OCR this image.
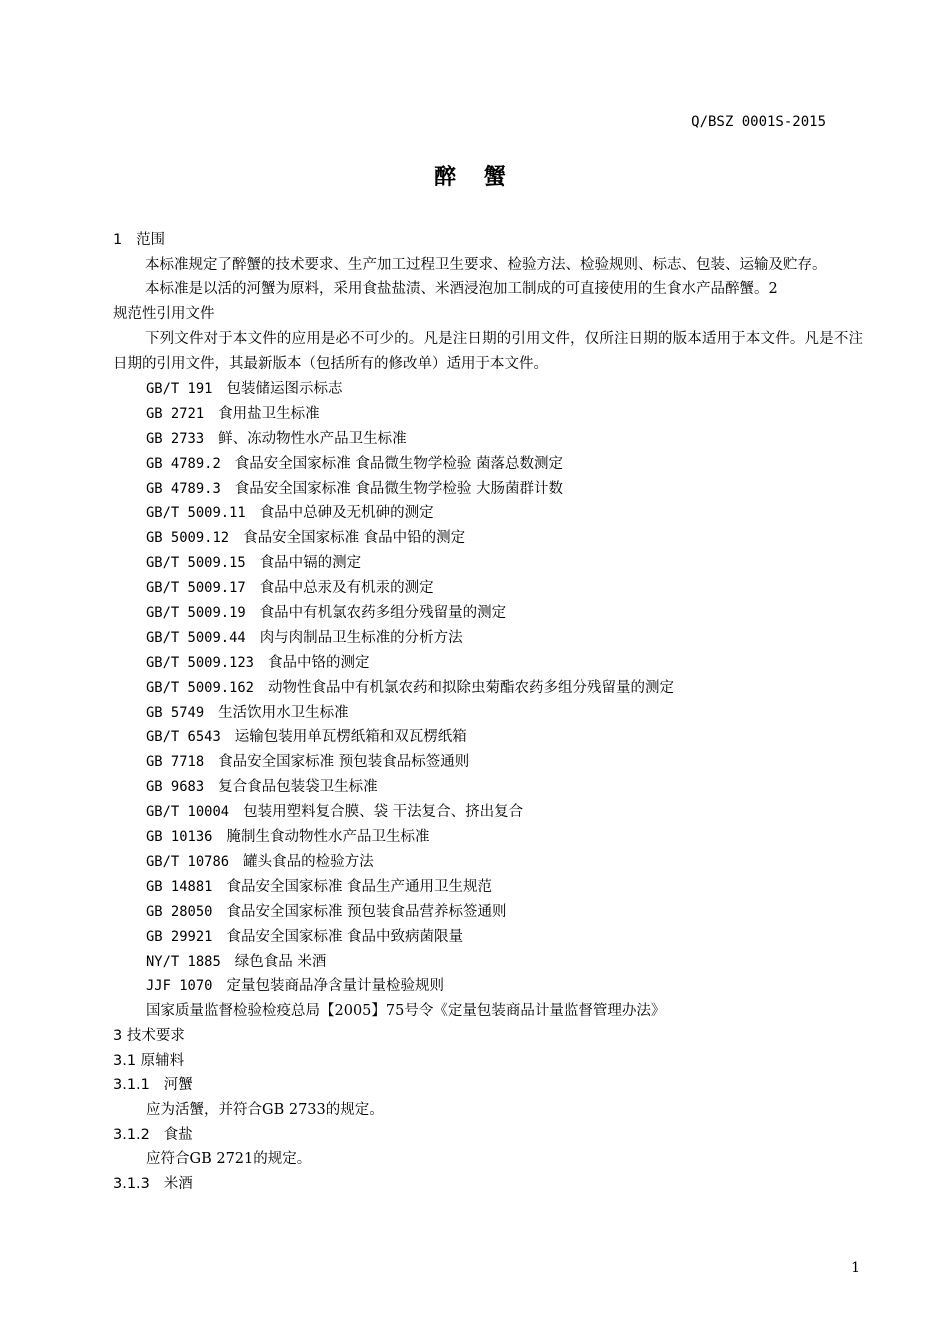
Q/BSZ 0001S-2015
醉 蟹
1 范围
本标准规定了醉蟹的技术要求、生产加工过程卫生要求、检验方法、检验规则、标志、包装、运输及贮存。
本标准是以活的河蟹为原料，采用食盐盐渍、米酒浸泡加工制成的可直接使用的生食水产品醉蟹。2
规范性引用文件
下列文件对于本文件的应用是必不可少的。凡是注日期的引用文件，仅所注日期的版本适用于本文件。凡是不注日期的引用文件，其最新版本（包括所有的修改单）适用于本文件。
GB/T 191 包装储运图示标志
GB 2721 食用盐卫生标准
GB 2733 鲜、冻动物性水产品卫生标准
GB 4789.2 食品安全国家标准 食品微生物学检验 菌落总数测定
GB 4789.3 食品安全国家标准 食品微生物学检验 大肠菌群计数
GB/T 5009.11 食品中总砷及无机砷的测定
GB 5009.12 食品安全国家标准 食品中铅的测定
GB/T 5009.15 食品中镉的测定
GB/T 5009.17 食品中总汞及有机汞的测定
GB/T 5009.19 食品中有机氯农药多组分残留量的测定
GB/T 5009.44 肉与肉制品卫生标准的分析方法
GB/T 5009.123 食品中铬的测定
GB/T 5009.162 动物性食品中有机氯农药和拟除虫菊酯农药多组分残留量的测定
GB 5749 生活饮用水卫生标准
GB/T 6543 运输包装用单瓦楞纸箱和双瓦楞纸箱
GB 7718 食品安全国家标准 预包装食品标签通则
GB 9683 复合食品包装袋卫生标准
GB/T 10004 包装用塑料复合膜、袋 干法复合、挤出复合
GB 10136 腌制生食动物性水产品卫生标准
GB/T 10786 罐头食品的检验方法
GB 14881 食品安全国家标准 食品生产通用卫生规范
GB 28050 食品安全国家标准 预包装食品营养标签通则
GB 29921 食品安全国家标准 食品中致病菌限量
NY/T 1885 绿色食品 米酒
JJF 1070 定量包装商品净含量计量检验规则
国家质量监督检验检疫总局【2005】75号令《定量包装商品计量监督管理办法》
3 技术要求
3.1 原辅料
3.1.1 河蟹
应为活蟹，并符合GB 2733的规定。
3.1.2 食盐
应符合GB 2721的规定。
3.1.3 米酒
1
